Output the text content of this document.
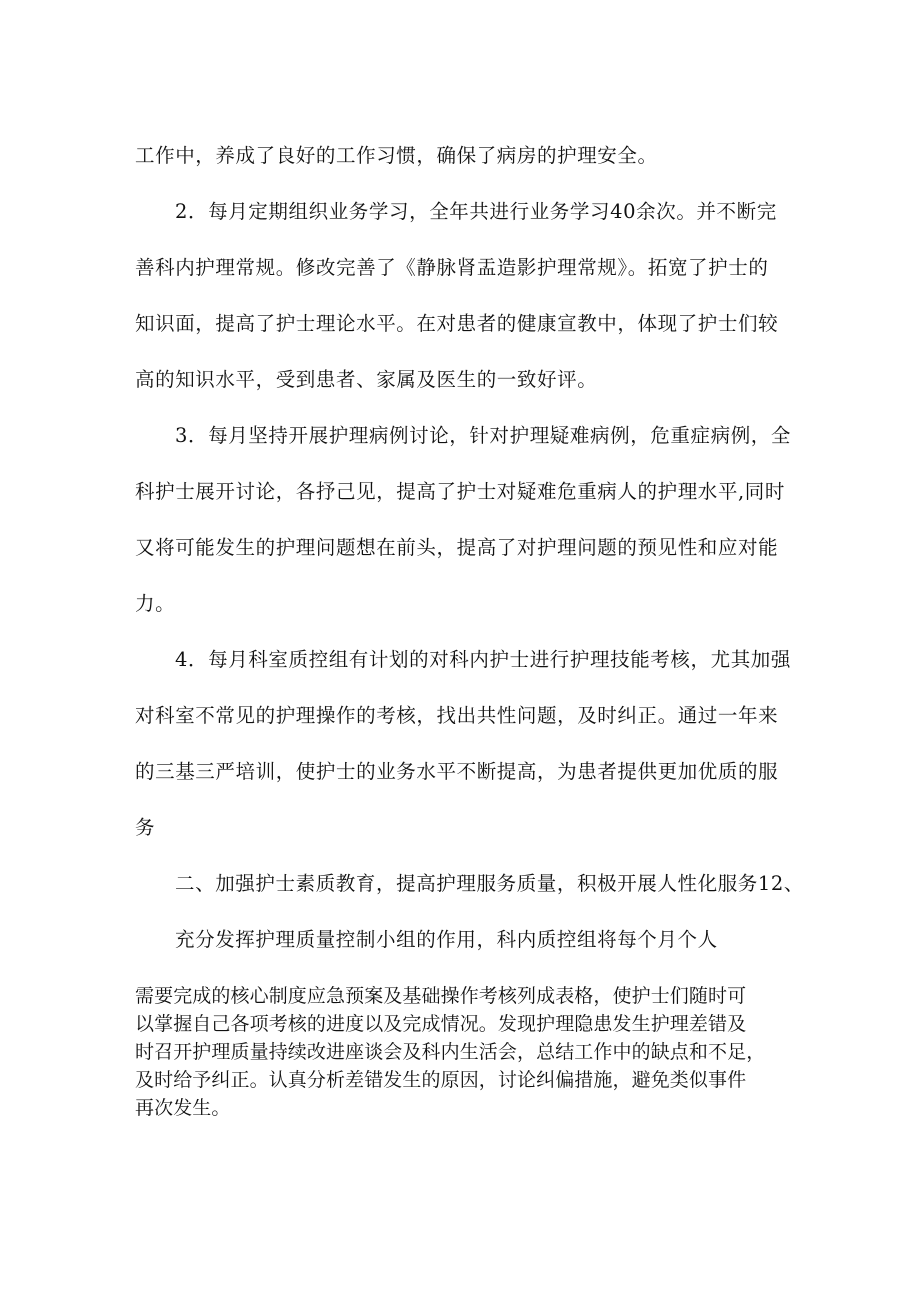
工作中，养成了良好的工作习惯，确保了病房的护理安全。
2．每月定期组织业务学习，全年共进行业务学习40余次。并不断完
善科内护理常规。修改完善了《静脉肾盂造影护理常规》。拓宽了护士的
知识面，提高了护士理论水平。在对患者的健康宣教中，体现了护士们较
高的知识水平，受到患者、家属及医生的一致好评。
3．每月坚持开展护理病例讨论，针对护理疑难病例，危重症病例，全
科护士展开讨论，各抒己见，提高了护士对疑难危重病人的护理水平,同时
又将可能发生的护理问题想在前头，提高了对护理问题的预见性和应对能
力。
4．每月科室质控组有计划的对科内护士进行护理技能考核，尤其加强
对科室不常见的护理操作的考核，找出共性问题，及时纠正。通过一年来
的三基三严培训，使护士的业务水平不断提高，为患者提供更加优质的服
务
二、加强护士素质教育，提高护理服务质量，积极开展人性化服务12、
充分发挥护理质量控制小组的作用，科内质控组将每个月个人
需要完成的核心制度应急预案及基础操作考核列成表格，使护士们随时可
以掌握自己各项考核的进度以及完成情况。发现护理隐患发生护理差错及
时召开护理质量持续改进座谈会及科内生活会，总结工作中的缺点和不足，
及时给予纠正。认真分析差错发生的原因，讨论纠偏措施，避免类似事件
再次发生。
